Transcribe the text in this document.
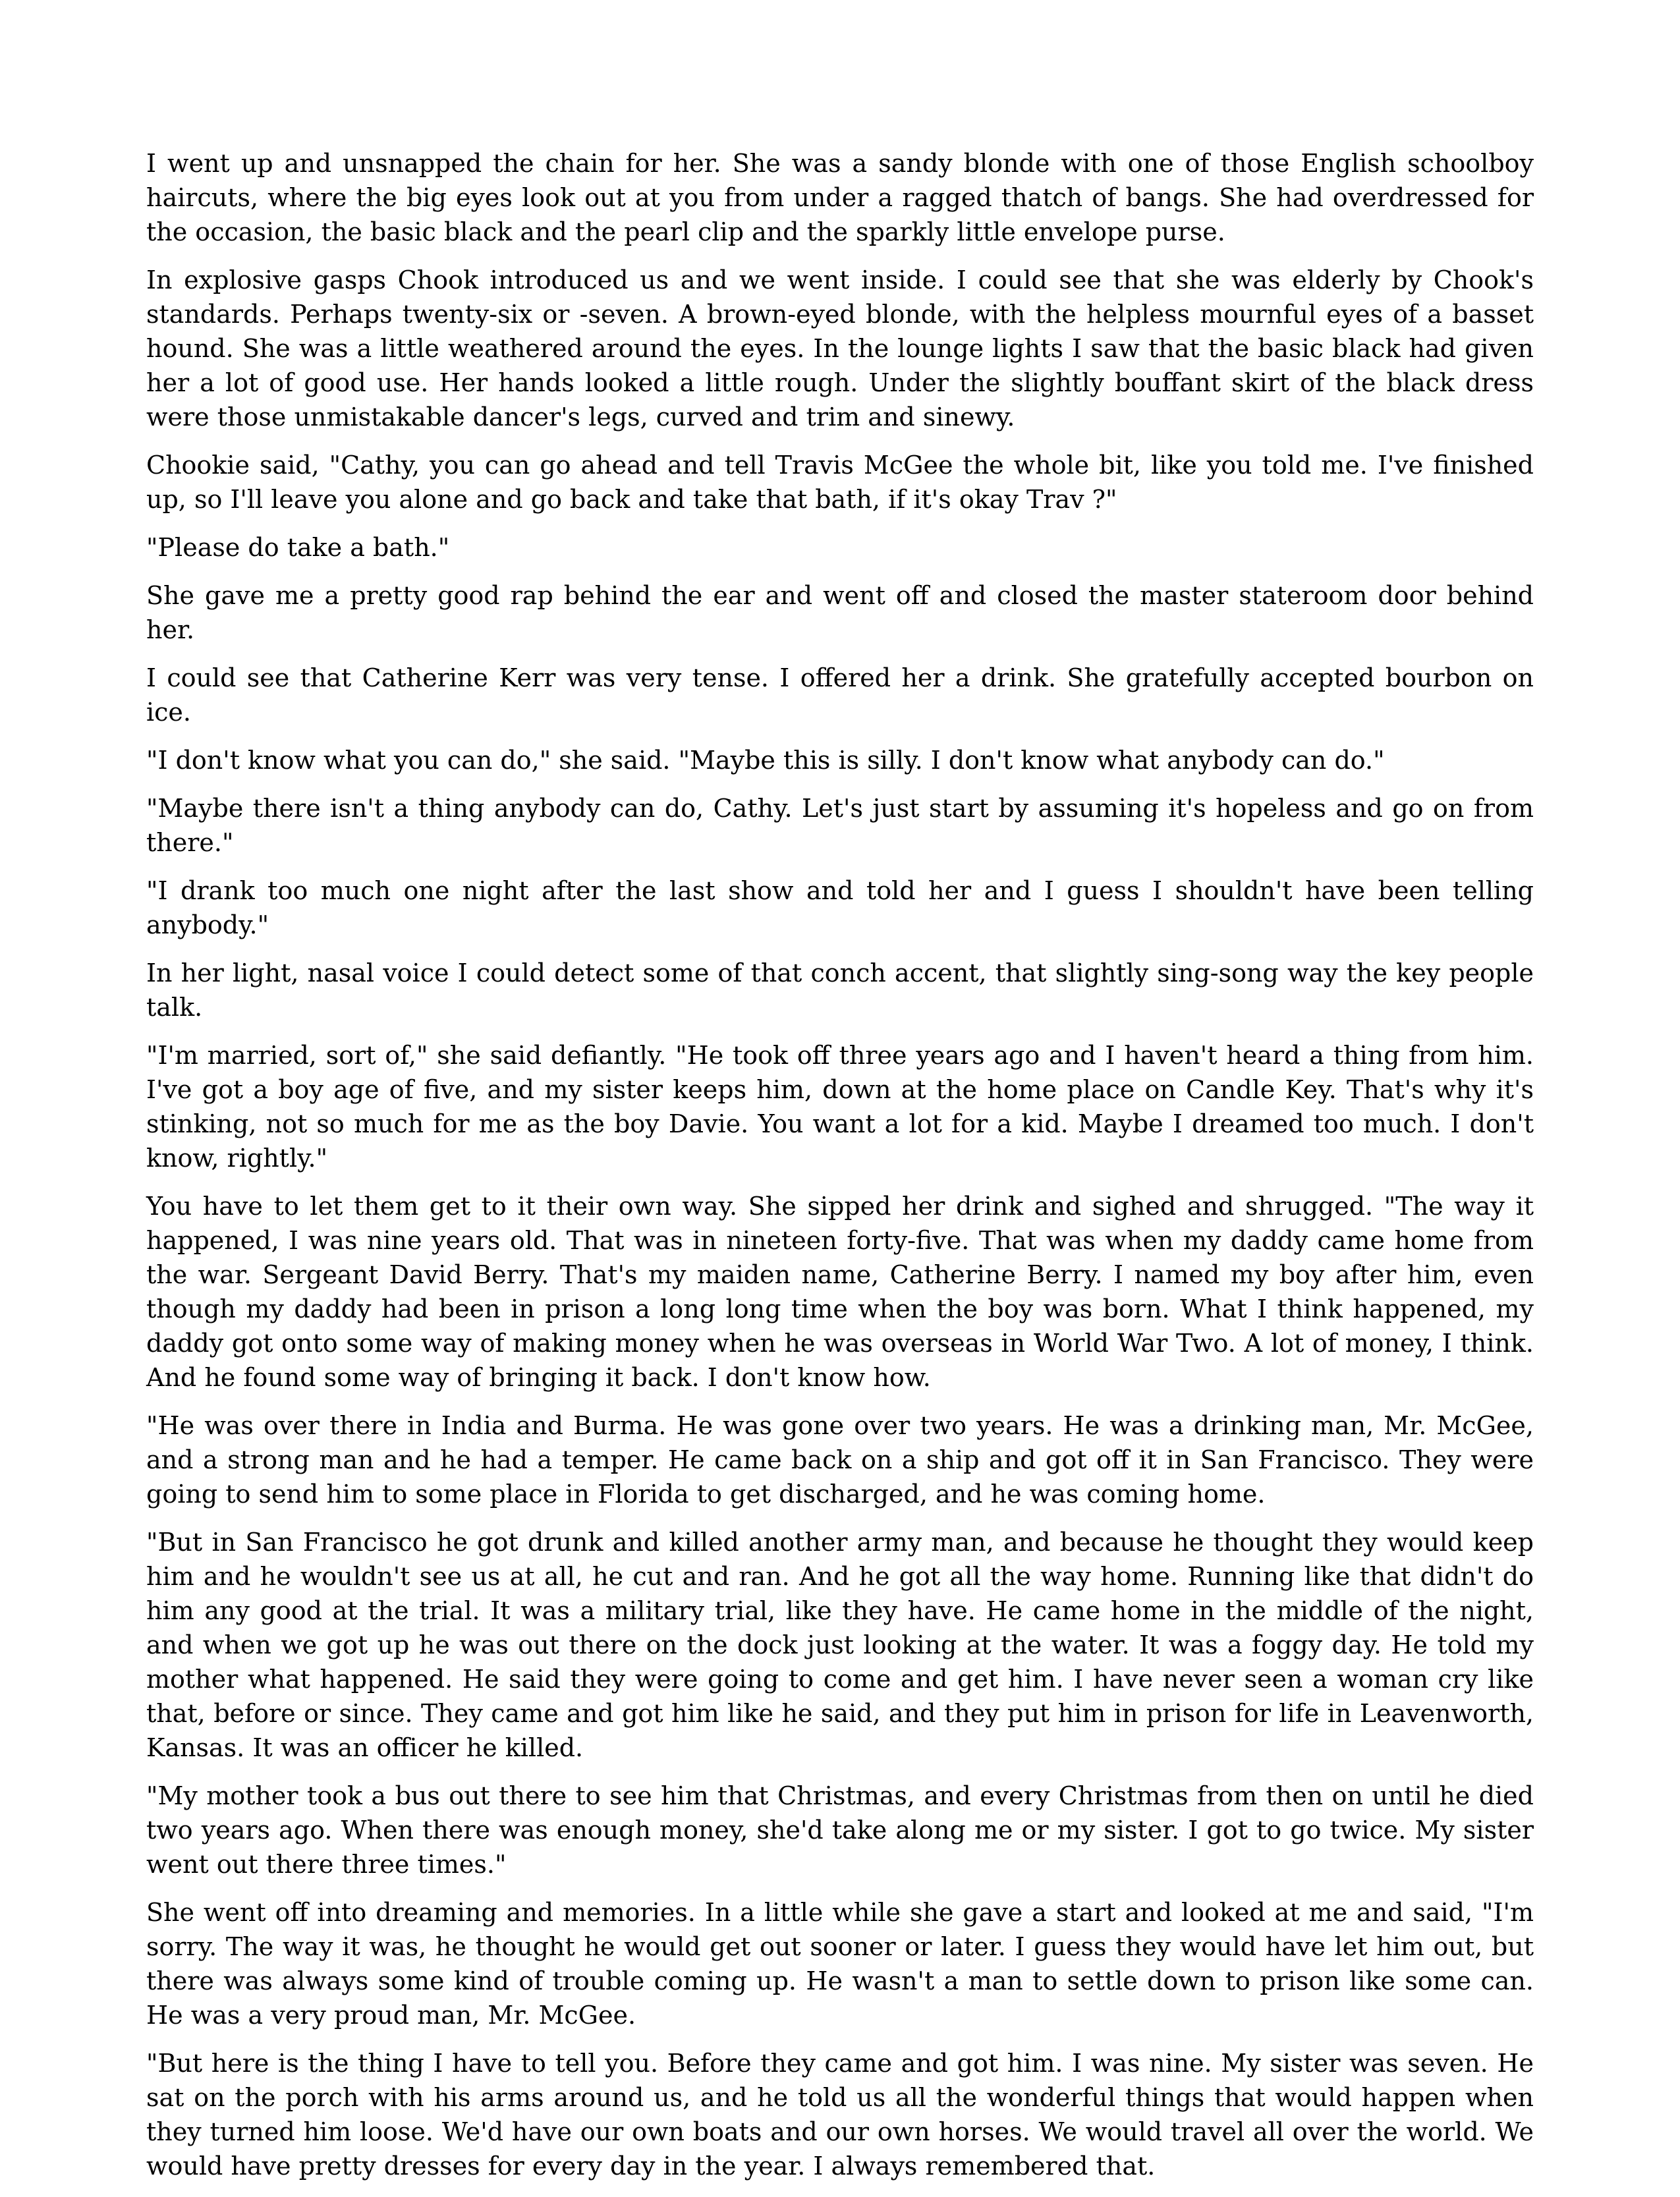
I went up and unsnapped the chain for her. She was a sandy blonde with one of those English schoolboy haircuts, where the big eyes look out at you from under a ragged thatch of bangs. She had overdressed for the occasion, the basic black and the pearl clip and the sparkly little envelope purse.

In explosive gasps Chook introduced us and we went inside. I could see that she was elderly by Chook's standards. Perhaps twenty-six or -seven. A brown-eyed blonde, with the helpless mournful eyes of a basset hound. She was a little weathered around the eyes. In the lounge lights I saw that the basic black had given her a lot of good use. Her hands looked a little rough. Under the slightly bouffant skirt of the black dress were those unmistakable dancer's legs, curved and trim and sinewy.

Chookie said, "Cathy, you can go ahead and tell Travis McGee the whole bit, like you told me. I've finished up, so I'll leave you alone and go back and take that bath, if it's okay Trav ?"

"Please do take a bath."

She gave me a pretty good rap behind the ear and went off and closed the master stateroom door behind her.

I could see that Catherine Kerr was very tense. I offered her a drink. She gratefully accepted bourbon on ice.

"I don't know what you can do," she said. "Maybe this is silly. I don't know what anybody can do."

"Maybe there isn't a thing anybody can do, Cathy. Let's just start by assuming it's hopeless and go on from there."

"I drank too much one night after the last show and told her and I guess I shouldn't have been telling anybody."

In her light, nasal voice I could detect some of that conch accent, that slightly sing-song way the key people talk.

"I'm married, sort of," she said defiantly. "He took off three years ago and I haven't heard a thing from him. I've got a boy age of five, and my sister keeps him, down at the home place on Candle Key. That's why it's stinking, not so much for me as the boy Davie. You want a lot for a kid. Maybe I dreamed too much. I don't know, rightly."

You have to let them get to it their own way. She sipped her drink and sighed and shrugged. "The way it happened, I was nine years old. That was in nineteen forty-five. That was when my daddy came home from the war. Sergeant David Berry. That's my maiden name, Catherine Berry. I named my boy after him, even though my daddy had been in prison a long long time when the boy was born. What I think happened, my daddy got onto some way of making money when he was overseas in World War Two. A lot of money, I think. And he found some way of bringing it back. I don't know how.

"He was over there in India and Burma. He was gone over two years. He was a drinking man, Mr. McGee, and a strong man and he had a temper. He came back on a ship and got off it in San Francisco. They were going to send him to some place in Florida to get discharged, and he was coming home.

"But in San Francisco he got drunk and killed another army man, and because he thought they would keep him and he wouldn't see us at all, he cut and ran. And he got all the way home. Running like that didn't do him any good at the trial. It was a military trial, like they have. He came home in the middle of the night, and when we got up he was out there on the dock just looking at the water. It was a foggy day. He told my mother what happened. He said they were going to come and get him. I have never seen a woman cry like that, before or since. They came and got him like he said, and they put him in prison for life in Leavenworth, Kansas. It was an officer he killed.

"My mother took a bus out there to see him that Christmas, and every Christmas from then on until he died two years ago. When there was enough money, she'd take along me or my sister. I got to go twice. My sister went out there three times."

She went off into dreaming and memories. In a little while she gave a start and looked at me and said, "I'm sorry. The way it was, he thought he would get out sooner or later. I guess they would have let him out, but there was always some kind of trouble coming up. He wasn't a man to settle down to prison like some can. He was a very proud man, Mr. McGee.

"But here is the thing I have to tell you. Before they came and got him. I was nine. My sister was seven. He sat on the porch with his arms around us, and he told us all the wonderful things that would happen when they turned him loose. We'd have our own boats and our own horses. We would travel all over the world. We would have pretty dresses for every day in the year. I always remembered that.
